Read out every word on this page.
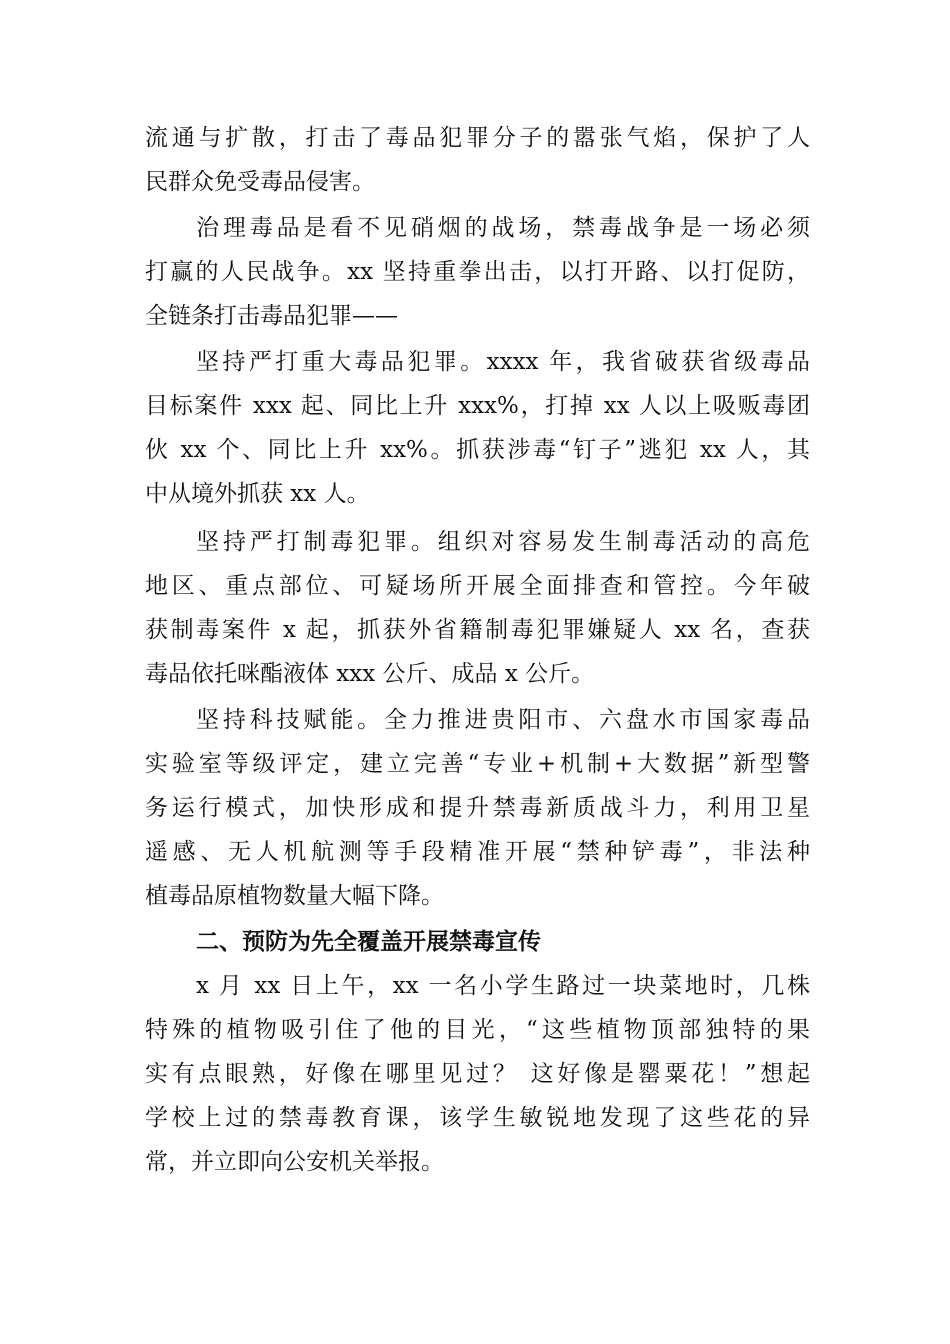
流通与扩散，打击了毒品犯罪分子的嚣张气焰，保护了人
民群众免受毒品侵害。
治理毒品是看不见硝烟的战场，禁毒战争是一场必须
打赢的人民战争。xx 坚持重拳出击，以打开路、以打促防，
全链条打击毒品犯罪——
坚持严打重大毒品犯罪。xxxx 年，我省破获省级毒品
目标案件 xxx 起、同比上升 xxx%，打掉 xx 人以上吸贩毒团
伙 xx 个、同比上升 xx%。抓获涉毒“钉子”逃犯 xx 人，其
中从境外抓获 xx 人。
坚持严打制毒犯罪。组织对容易发生制毒活动的高危
地区、重点部位、可疑场所开展全面排查和管控。今年破
获制毒案件 x 起，抓获外省籍制毒犯罪嫌疑人 xx 名，查获
毒品依托咪酯液体 xxx 公斤、成品 x 公斤。
坚持科技赋能。全力推进贵阳市、六盘水市国家毒品
实验室等级评定，建立完善“专业+机制+大数据”新型警
务运行模式，加快形成和提升禁毒新质战斗力，利用卫星
遥感、无人机航测等手段精准开展“禁种铲毒”，非法种
植毒品原植物数量大幅下降。
二、预防为先全覆盖开展禁毒宣传
x 月 xx 日上午，xx 一名小学生路过一块菜地时，几株
特殊的植物吸引住了他的目光，“这些植物顶部独特的果
实有点眼熟，好像在哪里见过？ 这好像是罂粟花！”想起
学校上过的禁毒教育课，该学生敏锐地发现了这些花的异
常，并立即向公安机关举报。
